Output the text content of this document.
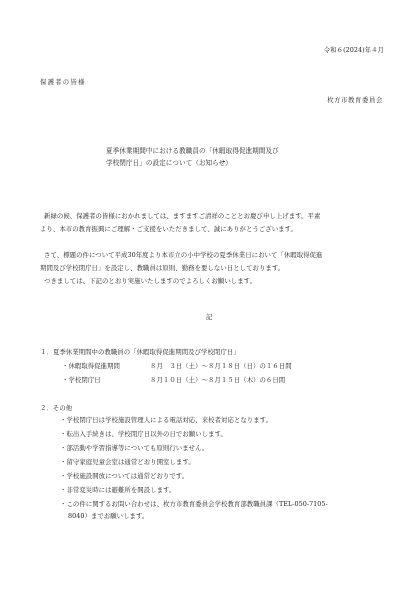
令和６(2024)年４月
保護者の皆様
枚方市教育委員会
夏季休業期間中における教職員の「休暇取得促進期間及び
学校閉庁日」の設定について（お知らせ）
新緑の候、保護者の皆様におかれましては、ますますご清祥のこととお慶び申し上げます。平素
より、本市の教育振興にご理解・ご支援をいただきまして、誠にありがとうございます。
さて、標題の件について平成30年度より本市立の小中学校の夏季休業日において「休暇取得促進
期間及び学校閉庁日」を設定し、教職員は原則、勤務を要しない日としております。
つきましては、下記のとおり実施いたしますのでよろしくお願いします。
記
１．夏季休業期間中の教職員の「休暇取得促進期間及び学校閉庁日」
・休暇取得促進期間	８月　３日（土）～８月１８日（日）の１６日間
・学校閉庁日	８月１０日（土）～８月１５日（木）の６日間
２．その他
・学校閉庁日は学校施設管理人による電話対応、来校者対応となります。
・転出入手続きは、学校閉庁日以外の日でお願いします。
・部活動や学習指導等についても原則行いません。
・留守家庭児童会室は通常どおり開室します。
・学校施設開放については通常どおりです。
・非常変災時には避難所を開設します。
・この件に関するお問い合わせは、枚方市教育委員会学校教育部教職員課（TEL-050-7105-
8040）までお願いします。
